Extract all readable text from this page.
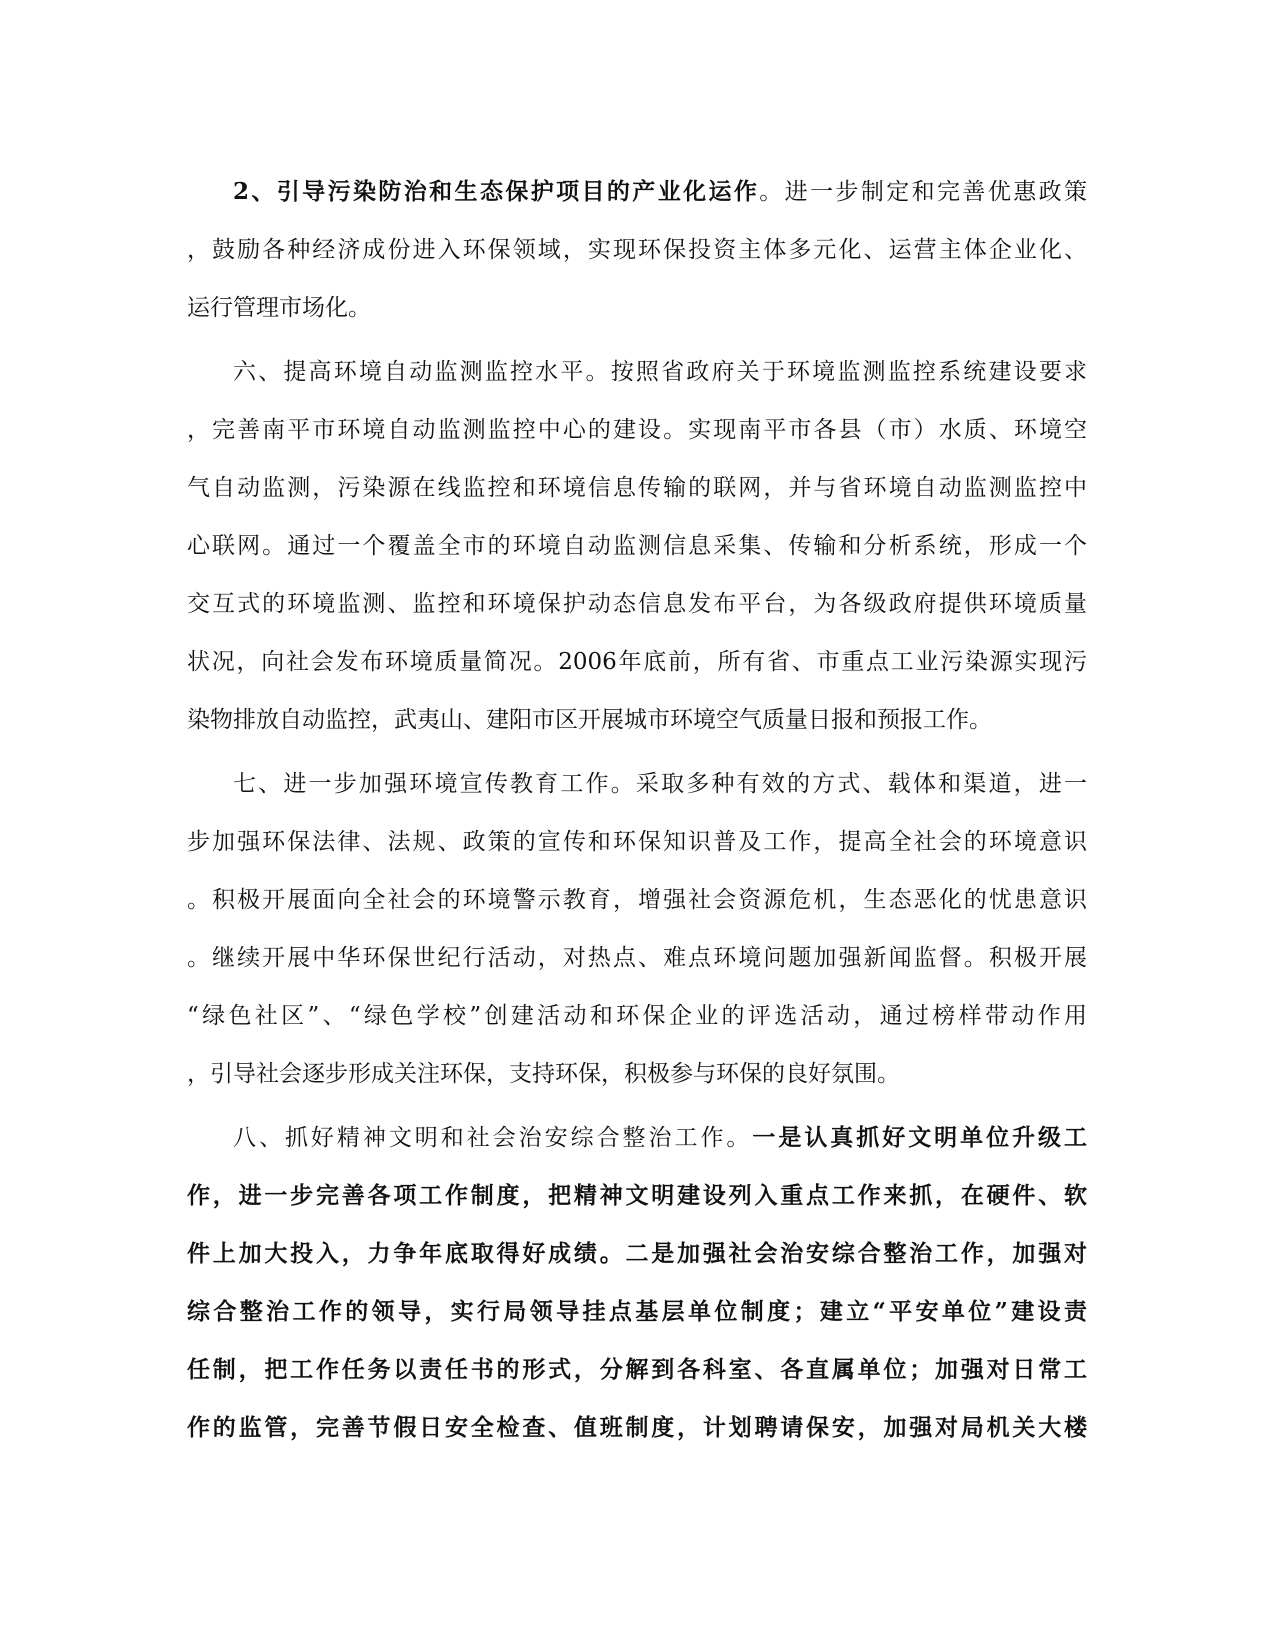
2、引导污染防治和生态保护项目的产业化运作。进一步制定和完善优惠政策
，鼓励各种经济成份进入环保领域，实现环保投资主体多元化、运营主体企业化、
运行管理市场化。
六、提高环境自动监测监控水平。按照省政府关于环境监测监控系统建设要求
，完善南平市环境自动监测监控中心的建设。实现南平市各县（市）水质、环境空
气自动监测，污染源在线监控和环境信息传输的联网，并与省环境自动监测监控中
心联网。通过一个覆盖全市的环境自动监测信息采集、传输和分析系统，形成一个
交互式的环境监测、监控和环境保护动态信息发布平台，为各级政府提供环境质量
状况，向社会发布环境质量简况。2006年底前，所有省、市重点工业污染源实现污
染物排放自动监控，武夷山、建阳市区开展城市环境空气质量日报和预报工作。
七、进一步加强环境宣传教育工作。采取多种有效的方式、载体和渠道，进一
步加强环保法律、法规、政策的宣传和环保知识普及工作，提高全社会的环境意识
。积极开展面向全社会的环境警示教育，增强社会资源危机，生态恶化的忧患意识
。继续开展中华环保世纪行活动，对热点、难点环境问题加强新闻监督。积极开展
“绿色社区”、“绿色学校”创建活动和环保企业的评选活动，通过榜样带动作用
，引导社会逐步形成关注环保，支持环保，积极参与环保的良好氛围。
八、抓好精神文明和社会治安综合整治工作。一是认真抓好文明单位升级工
作，进一步完善各项工作制度，把精神文明建设列入重点工作来抓，在硬件、软
件上加大投入，力争年底取得好成绩。二是加强社会治安综合整治工作，加强对
综合整治工作的领导，实行局领导挂点基层单位制度；建立“平安单位”建设责
任制，把工作任务以责任书的形式，分解到各科室、各直属单位；加强对日常工
作的监管，完善节假日安全检查、值班制度，计划聘请保安，加强对局机关大楼
